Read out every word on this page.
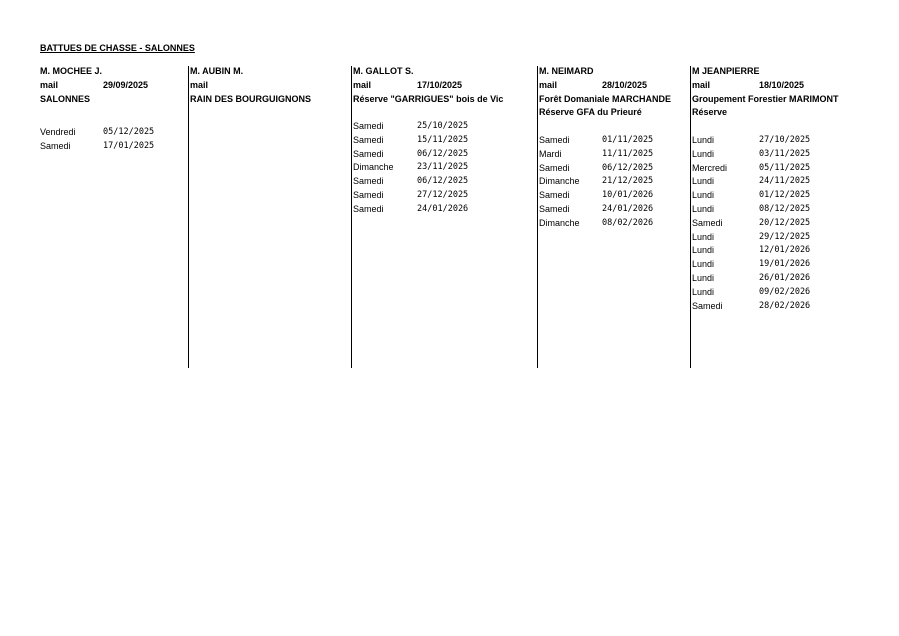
BATTUES DE CHASSE - SALONNES
M. MOCHEE J.
mail	29/09/2025
SALONNES
Vendredi	05/12/2025
Samedi	17/01/2025
M. AUBIN M.
mail
RAIN DES BOURGUIGNONS
M. GALLOT S.
mail	17/10/2025
Réserve "GARRIGUES" bois de Vic
Samedi	25/10/2025
Samedi	15/11/2025
Samedi	06/12/2025
Dimanche	23/11/2025
Samedi	06/12/2025
Samedi	27/12/2025
Samedi	24/01/2026
M. NEIMARD
mail	28/10/2025
Forêt Domaniale MARCHANDE
Réserve GFA du Prieuré
Samedi	01/11/2025
Mardi	11/11/2025
Samedi	06/12/2025
Dimanche	21/12/2025
Samedi	10/01/2026
Samedi	24/01/2026
Dimanche	08/02/2026
M JEANPIERRE
mail	18/10/2025
Groupement Forestier MARIMONT
Réserve
Lundi	27/10/2025
Lundi	03/11/2025
Mercredi	05/11/2025
Lundi	24/11/2025
Lundi	01/12/2025
Lundi	08/12/2025
Samedi	20/12/2025
Lundi	29/12/2025
Lundi	12/01/2026
Lundi	19/01/2026
Lundi	26/01/2026
Lundi	09/02/2026
Samedi	28/02/2026
